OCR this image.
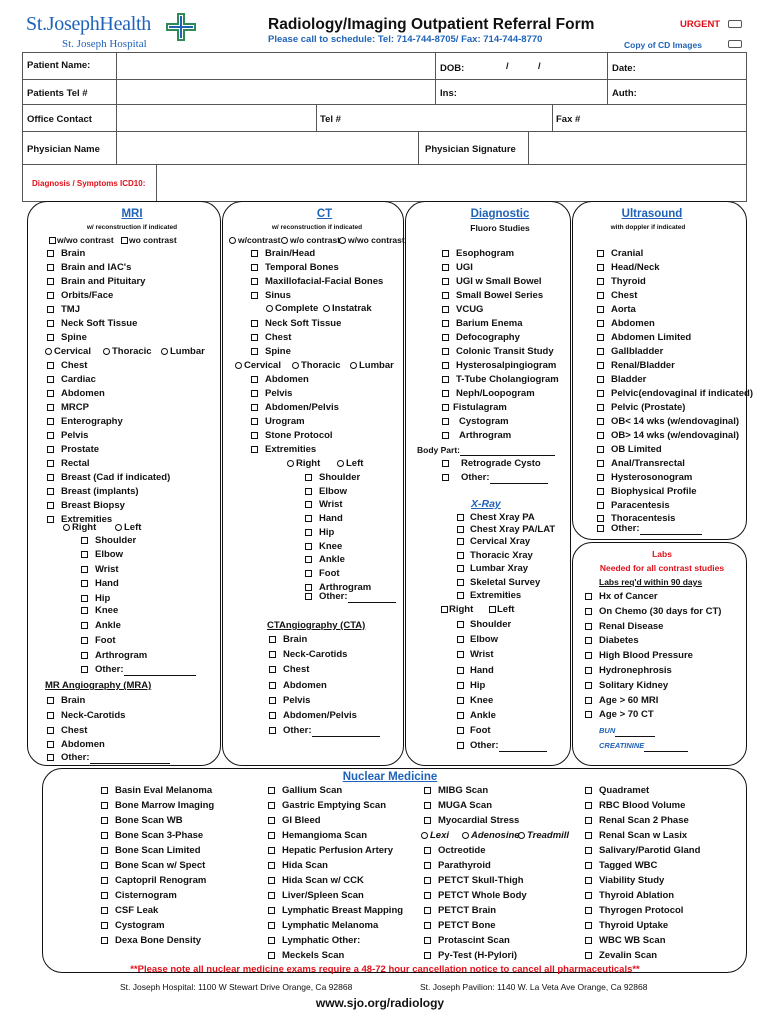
St.JosephHealth
St. Joseph Hospital
Radiology/Imaging Outpatient Referral Form
Please call to schedule: Tel: 714-744-8705/ Fax: 714-744-8770
URGENT
Copy of CD Images
Patient Name:	DOB:	/	/	Date:
Patients Tel #	Ins:	Auth:
Office Contact	Tel #	Fax #
Physician Name	Physician Signature
Diagnosis / Symptoms ICD10:
MRI
w/ reconstruction if indicated
CT
w/ reconstruction if indicated
Diagnostic
Fluoro Studies
Ultrasound
with doppler if indicated
w/wo contrast	wo contrast
Brain
Brain and IAC's
Brain and Pituitary
Orbits/Face
TMJ
Neck Soft Tissue
Spine
Cervical	Thoracic	Lumbar
Chest
Cardiac
Abdomen
MRCP
Enterography
Pelvis
Prostate
Rectal
Breast (Cad if indicated)
Breast (implants)
Breast Biopsy
Extremities
Right	Left
Shoulder
Elbow
Wrist
Hand
Hip
Knee
Ankle
Foot
Arthrogram
Other:
MR Angiography (MRA)
Brain
Neck-Carotids
Chest
Abdomen
Other:
w/contrast	w/o contrast w/wo contrast
Brain/Head
Temporal Bones
Maxillofacial-Facial Bones
Sinus
Complete	Instatrak
Neck Soft Tissue
Chest
Spine
Cervical	Thoracic	Lumbar
Abdomen
Pelvis
Abdomen/Pelvis
Urogram
Stone Protocol
Extremities
Right	Left
Shoulder
Elbow
Wrist
Hand
Hip
Knee
Ankle
Foot
Arthrogram
Other:
CTAngiography (CTA)
Brain
Neck-Carotids
Chest
Abdomen
Pelvis
Abdomen/Pelvis
Other:
Esophogram
UGI
UGI w Small Bowel
Small Bowel Series
VCUG
Barium Enema
Defocography
Colonic Transit Study
Hysterosalpingiogram
T-Tube Cholangiogram
Neph/Loopogram
Fistulagram
Cystogram
Arthrogram
Body Part:
Retrograde Cysto
Other:
X-Ray
Chest Xray PA
Chest Xray PA/LAT
Cervical Xray
Thoracic Xray
Lumbar Xray
Skeletal Survey
Extremities
Right	Left
Shoulder
Elbow
Wrist
Hand
Hip
Knee
Ankle
Foot
Other:
Cranial
Head/Neck
Thyroid
Chest
Aorta
Abdomen
Abdomen Limited
Gallbladder
Renal/Bladder
Bladder
Pelvic(endovaginal if indicated)
Pelvic (Prostate)
OB< 14 wks (w/endovaginal)
OB> 14 wks (w/endovaginal)
OB Limited
Anal/Transrectal
Hysterosonogram
Biophysical Profile
Paracentesis
Thoracentesis
Other:
Hx of Cancer
On Chemo (30 days for CT)
Renal Disease
Diabetes
High Blood Pressure
Hydronephrosis
Solitary Kidney
Age > 60 MRI
Age > 70 CT
BUN
CREATININE
Basin Eval Melanoma
Bone Marrow Imaging
Bone Scan WB
Bone Scan 3-Phase
Bone Scan Limited
Bone Scan w/ Spect
Captopril Renogram
Cisternogram
CSF Leak
Cystogram
Dexa Bone Density
Gallium Scan
Gastric Emptying Scan
GI Bleed
Hemangioma Scan
Hepatic Perfusion Artery
Hida Scan
Hida Scan w/ CCK
Liver/Spleen Scan
Lymphatic Breast Mapping
Lymphatic Melanoma
Lymphatic Other:
Meckels Scan
MIBG Scan
MUGA Scan
Myocardial Stress
Lexi	Adenosine Treadmill
Octreotide
Parathyroid
PETCT Skull-Thigh
PETCT Whole Body
PETCT Brain
PETCT Bone
Protascint Scan
Py-Test (H-Pylori)
Quadramet
RBC Blood Volume
Renal Scan 2 Phase
Renal Scan w Lasix
Salivary/Parotid Gland
Tagged WBC
Viability Study
Thyroid Ablation
Thyrogen Protocol
Thyroid Uptake
WBC WB Scan
Zevalin Scan
Labs
Needed for all contrast studies
Labs req'd within 90 days
Nuclear Medicine
**Please note all nuclear medicine exams require a 48-72 hour cancellation notice to cancel all pharmaceuticals**
St. Joseph Hospital: 1100 W Stewart Drive Orange, Ca 92868	St. Joseph Pavilion: 1140 W. La Veta Ave Orange, Ca 92868
www.sjo.org/radiology
